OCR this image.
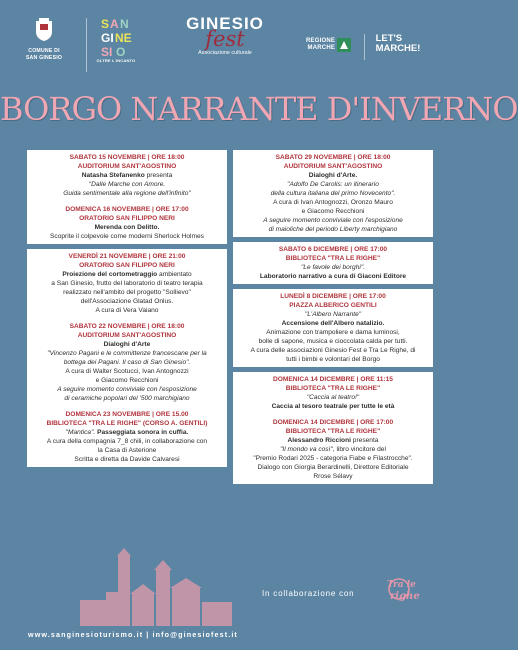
COMUNE DI
SAN GINESIO
S A N
GI NE
SI O
OLTRE L'INCANTO
GINESIO
fest
Associazione culturale
REGIONE
MARCHE
LET'S
MARCHE!
BORGO NARRANTE D'INVERNO
SABATO 15 NOVEMBRE | ORE 18:00
AUDITORIUM SANT'AGOSTINO
Natasha Stefanenko presenta
"Dalle Marche con Amore.
Guida sentimentale alla regione dell'infinito"
DOMENICA 16 NOVEMBRE | ORE 17:00
ORATORIO SAN FILIPPO NERI
Merenda con Delitto.
Scoprite il colpevole come moderni Sherlock Holmes
VENERDÌ 21 NOVEMBRE | ORE 21:00
ORATORIO SAN FILIPPO NERI
Proiezione del cortometraggio ambientato
a San Ginesio, frutto del laboratorio di teatro terapia
realizzato nell'ambito del progetto "Sollievo"
dell'Associazione Glatad Onlus.
A cura di Vera Vaiano
SABATO 22 NOVEMBRE | ORE 18:00
AUDITORIUM SANT'AGOSTINO
Dialoghi d'Arte
"Vincenzo Pagani e le committenze francescane per la
bottega dei Pagani. Il caso di San Ginesio".
A cura di Walter Scotucci, Ivan Antognozzi
e Giacomo Recchioni
A seguire momento conviviale con l'esposizione
di ceramiche popolari del '500 marchigiano
DOMENICA 23 NOVEMBRE | ORE 15.00
BIBLIOTECA "TRA LE RIGHE" (CORSO A. GENTILI)
"Mantica". Passeggiata sonora in cuffia.
A cura della compagnia 7_8 chili, in collaborazione con
la Casa di Asterione
Scritta e diretta da Davide Calvaresi
SABATO 29 NOVEMBRE | ORE 18:00
AUDITORIUM SANT'AGOSTINO
Dialoghi d'Arte.
"Adolfo De Carolis: un itinerario
della cultura italiana del primo Novecento".
A cura di Ivan Antognozzi, Oronzo Mauro
e Giacomo Recchioni
A seguire momento conviviale con l'esposizione
di maioliche del periodo Liberty marchigiano
SABATO 6 DICEMBRE | ORE 17:00
BIBLIOTECA "TRA LE RIGHE"
"Le favole dei borghi".
Laboratorio narrativo a cura di Giaconi Editore
LUNEDÌ 8 DICEMBRE | ORE 17:00
PIAZZA ALBERICO GENTILI
"L'Albero Narrante"
Accensione dell'Albero natalizio.
Animazione con trampoliere e dama luminosi,
bolle di sapone, musica e cioccolata calda per tutti.
A cura delle associazioni Ginesio Fest e Tra Le Righe, di
tutti i bimbi e volontari del Borgo
DOMENICA 14 DICEMBRE | ORE 11:15
BIBLIOTECA "TRA LE RIGHE"
"Caccia al teatro!"
Caccia al tesoro teatrale per tutte le età
DOMENICA 14 DICEMBRE | ORE 17:00
BIBLIOTECA "TRA LE RIGHE"
Alessandro Riccioni presenta
"Il mondo va così", libro vincitore del
"Premio Rodari 2025 - categoria Fiabe e Filastrocche".
Dialogo con Giorgia Berardinelli, Direttore Editoriale
Rrose Sélavy
In collaborazione con
Tra le
righe
www.sanginesioturismo.it | info@ginesiofest.it
